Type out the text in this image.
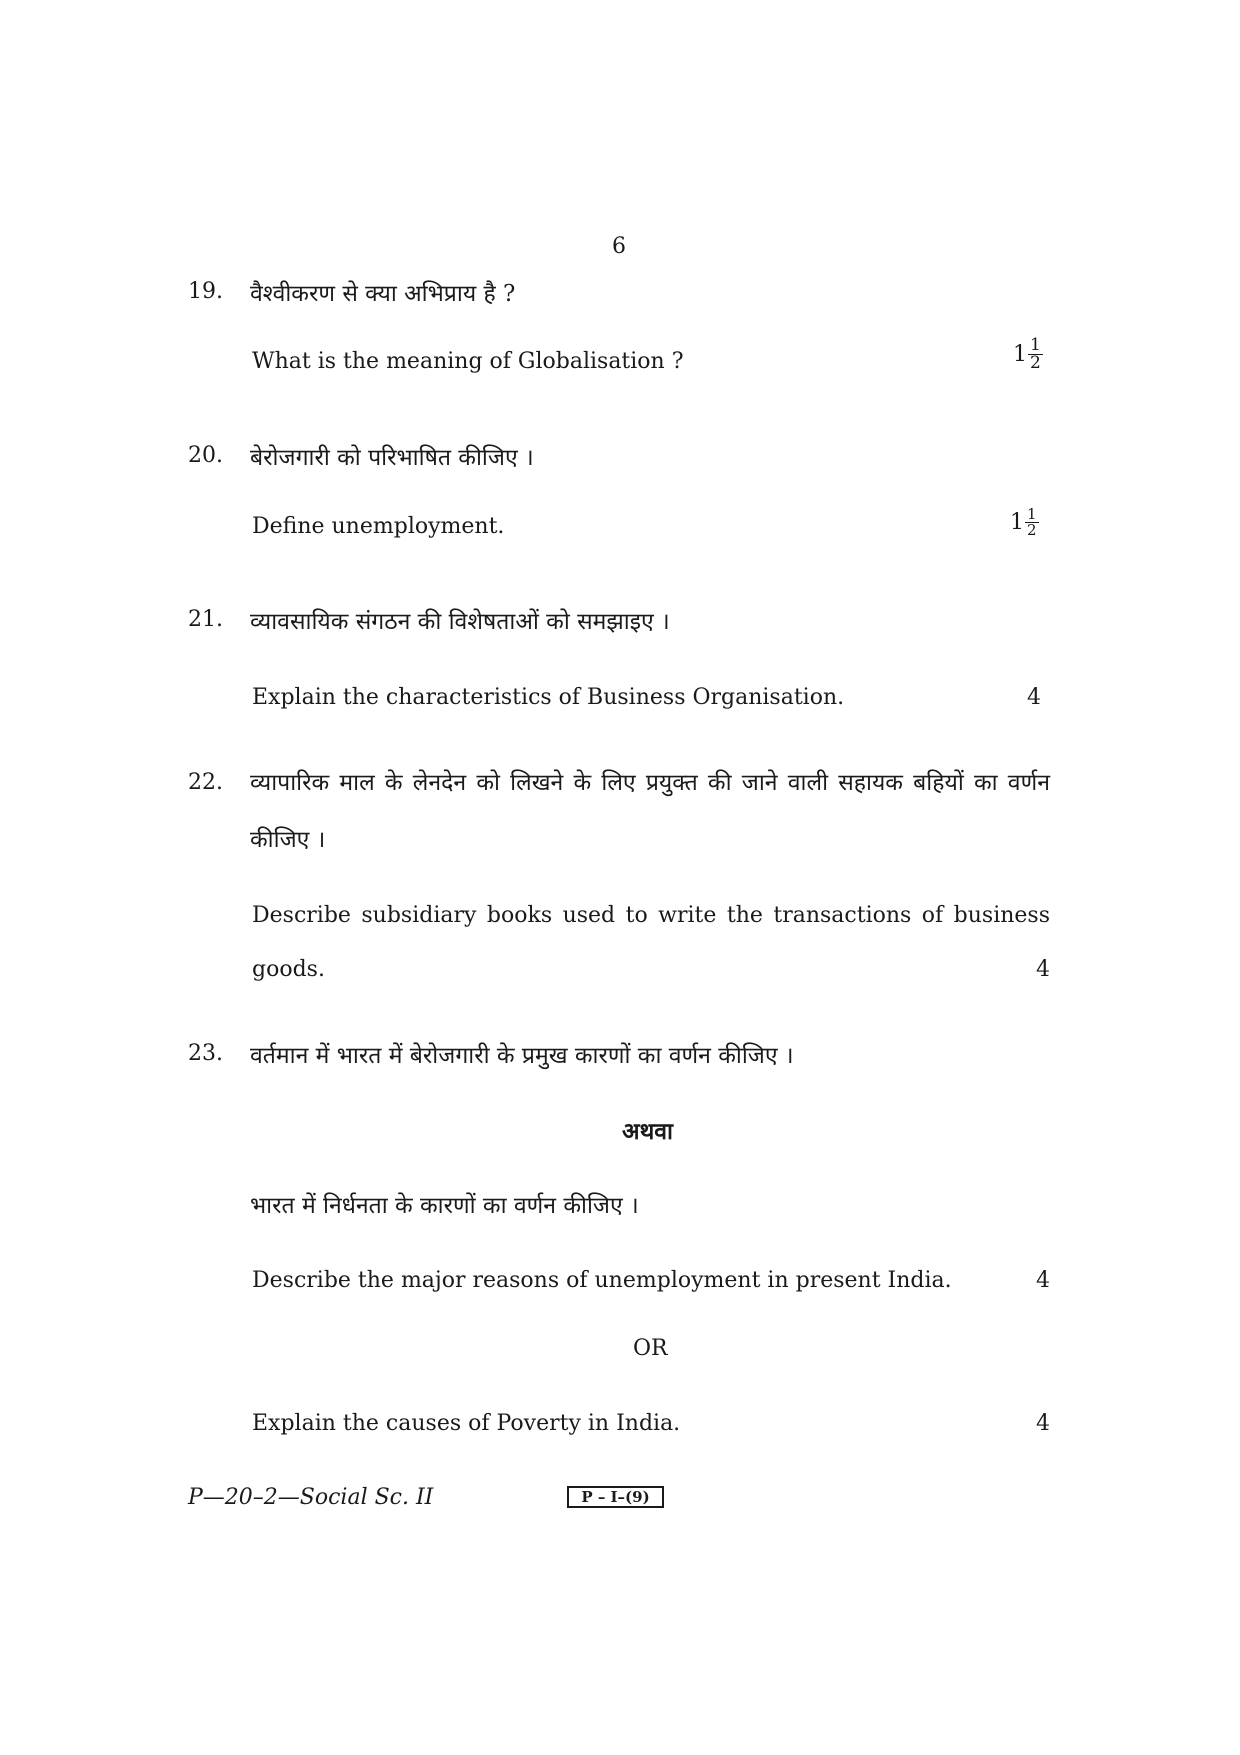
6
19. वैश्वीकरण से क्या अभिप्राय है ?
What is the meaning of Globalisation ?	$1 \frac{1}{2}$
20. बेरोजगारी को परिभाषित कीजिए ।
Define unemployment.	$1 \frac{1}{2}$
21. व्यावसायिक संगठन की विशेषताओं को समझाइए ।
Explain the characteristics of Business Organisation.	4
22. व्यापारिक माल के लेनदेन को लिखने के लिए प्रयुक्त की जाने वाली सहायक बहियों का वर्णन
कीजिए ।
Describe subsidiary books used to write the transactions of business
goods.	4
23. वर्तमान में भारत में बेरोजगारी के प्रमुख कारणों का वर्णन कीजिए ।
अथवा
भारत में निर्धनता के कारणों का वर्णन कीजिए ।
Describe the major reasons of unemployment in present India.	4
OR
Explain the causes of Poverty in India.	4
P—20–2—Social Sc. II	P – I–(9)
